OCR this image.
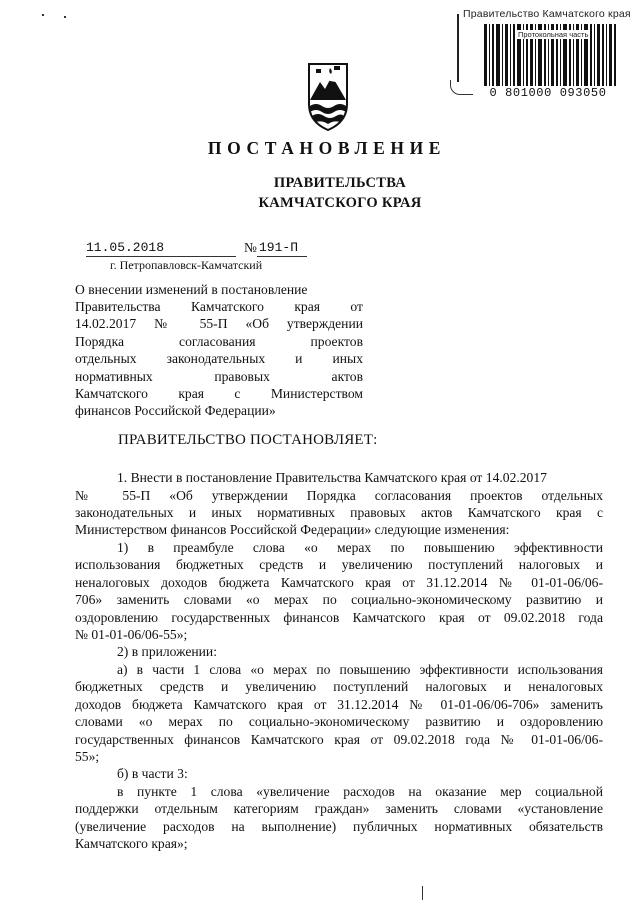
Правительство Камчатского края
Протокольная часть
0 801000 093050
ПОСТАНОВЛЕНИЕ
ПРАВИТЕЛЬСТВА
КАМЧАТСКОГО КРАЯ
11.05.2018	№ 191-П
г. Петропавловск-Камчатский
О внесении изменений в постановление
Правительства Камчатского края от
14.02.2017 № 55-П «Об утверждении
Порядка согласования проектов
отдельных законодательных и иных
нормативных правовых актов
Камчатского края с Министерством
финансов Российской Федерации»
ПРАВИТЕЛЬСТВО ПОСТАНОВЛЯЕТ:
1. Внести в постановление Правительства Камчатского края от 14.02.2017
№ 55-П «Об утверждении Порядка согласования проектов отдельных
законодательных и иных нормативных правовых актов Камчатского края с
Министерством финансов Российской Федерации» следующие изменения:
1) в преамбуле слова «о мерах по повышению эффективности
использования бюджетных средств и увеличению поступлений налоговых и
неналоговых доходов бюджета Камчатского края от 31.12.2014 № 01-01-06/06-
706» заменить словами «о мерах по социально-экономическому развитию и
оздоровлению государственных финансов Камчатского края от 09.02.2018 года
№ 01-01-06/06-55»;
2) в приложении:
а) в части 1 слова «о мерах по повышению эффективности использования
бюджетных средств и увеличению поступлений налоговых и неналоговых
доходов бюджета Камчатского края от 31.12.2014 № 01-01-06/06-706» заменить
словами «о мерах по социально-экономическому развитию и оздоровлению
государственных финансов Камчатского края от 09.02.2018 года № 01-01-06/06-
55»;
б) в части 3:
в пункте 1 слова «увеличение расходов на оказание мер социальной
поддержки отдельным категориям граждан» заменить словами «установление
(увеличение расходов на выполнение) публичных нормативных обязательств
Камчатского края»;
